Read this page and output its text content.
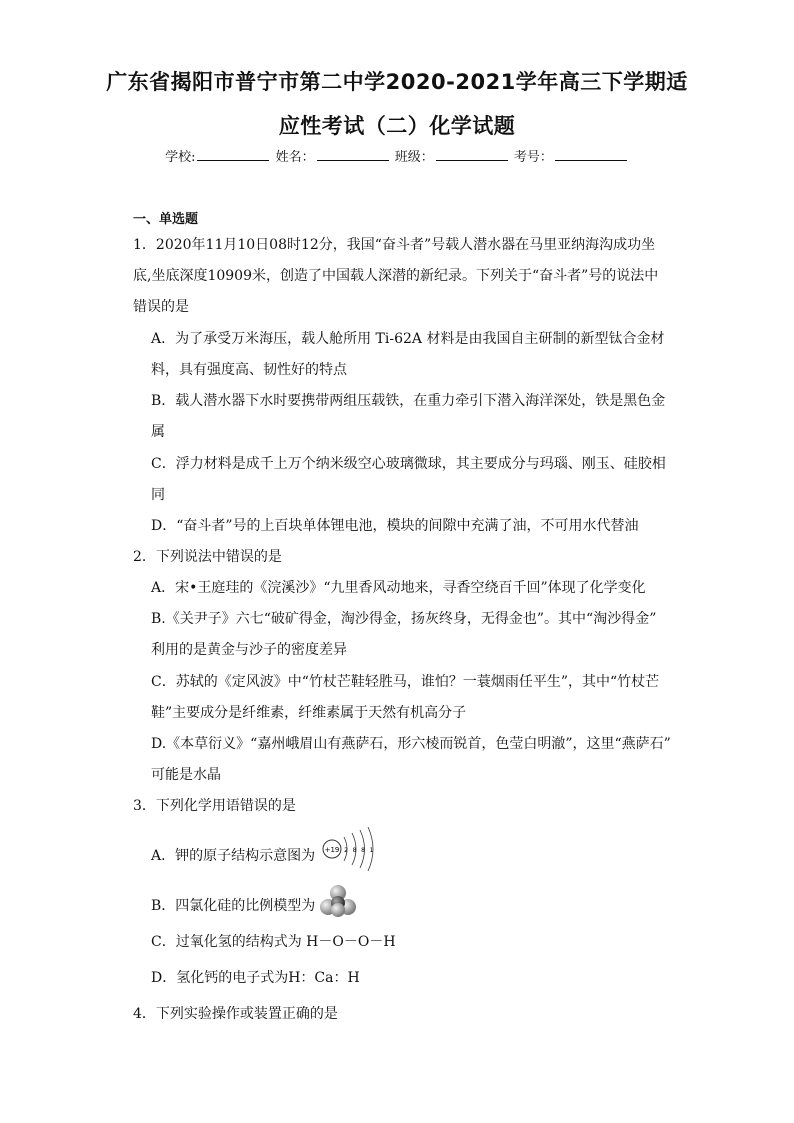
广东省揭阳市普宁市第二中学2020-2021学年高三下学期适
应性考试（二）化学试题
学校:	姓名：	班级：	考号：
一、单选题
1．2020年11月10日08时12分，我国“奋斗者”号载人潜水器在马里亚纳海沟成功坐
底,坐底深度10909米，创造了中国载人深潜的新纪录。下列关于“奋斗者”号的说法中
错误的是
A．为了承受万米海压，载人舱所用 Ti-62A 材料是由我国自主研制的新型钛合金材
料，具有强度高、韧性好的特点
B．载人潜水器下水时要携带两组压载铁，在重力牵引下潜入海洋深处，铁是黑色金
属
C．浮力材料是成千上万个纳米级空心玻璃微球，其主要成分与玛瑙、刚玉、硅胶相
同
D．“奋斗者”号的上百块单体锂电池，模块的间隙中充满了油，不可用水代替油
2．下列说法中错误的是
A．宋•王庭珪的《浣溪沙》“九里香风动地来，寻香空绕百千回”体现了化学变化
B.《关尹子》六七“破矿得金，淘沙得金，扬灰终身，无得金也”。其中“淘沙得金”
利用的是黄金与沙子的密度差异
C．苏轼的《定风波》中“竹杖芒鞋轻胜马，谁怕？一蓑烟雨任平生”，其中“竹杖芒
鞋”主要成分是纤维素，纤维素属于天然有机高分子
D.《本草衍义》“嘉州峨眉山有燕萨石，形六棱而锐首，色莹白明澈”，这里“燕萨石”
可能是水晶
3．下列化学用语错误的是
A．钾的原子结构示意图为 +19 2 8 8 1
B．四氯化硅的比例模型为
C．过氧化氢的结构式为 H－O－O－H
D．氢化钙的电子式为H：Ca：H
4．下列实验操作或装置正确的是
